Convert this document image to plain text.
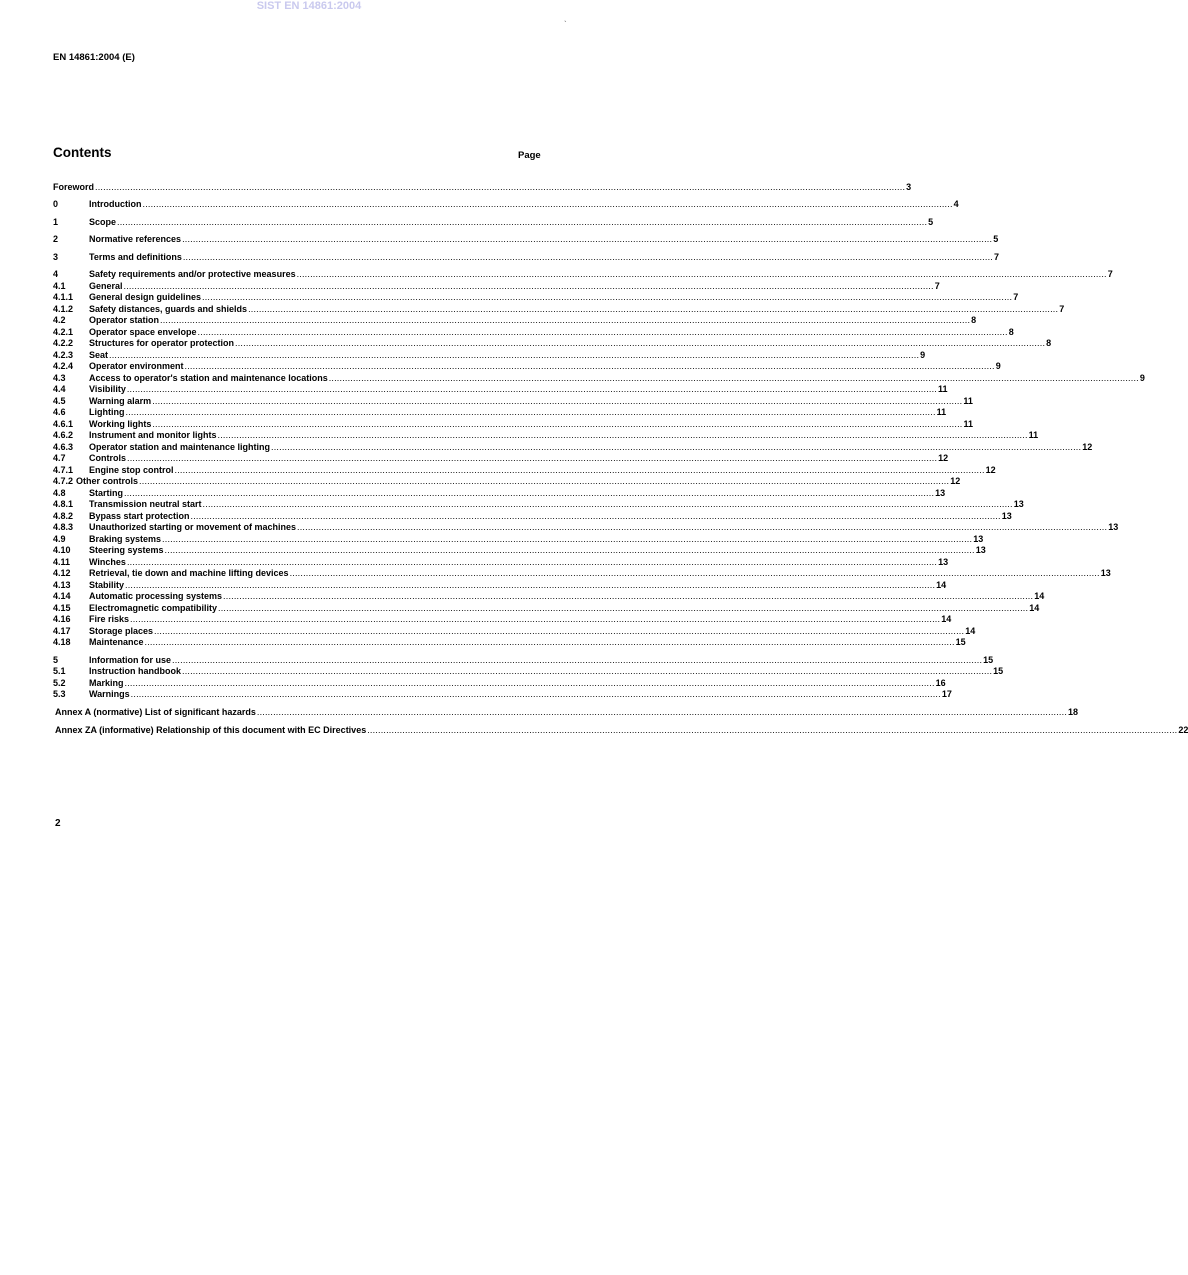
SIST EN 14861:2004
`
EN 14861:2004 (E)
Contents	Page
Foreword ............................................................................................................................................................................................................................................................................................................ 3
0	Introduction ............................................................................................................................................................................................................................................................................................................ 4
1	Scope ............................................................................................................................................................................................................................................................................................................ 5
2	Normative references ............................................................................................................................................................................................................................................................................................................ 5
3	Terms and definitions ............................................................................................................................................................................................................................................................................................................ 7
4	Safety requirements and/or protective measures ............................................................................................................................................................................................................................................................................................................ 7
4.1	General ............................................................................................................................................................................................................................................................................................................ 7
4.1.1	General design guidelines ............................................................................................................................................................................................................................................................................................................ 7
4.1.2	Safety distances, guards and shields ............................................................................................................................................................................................................................................................................................................ 7
4.2	Operator station ............................................................................................................................................................................................................................................................................................................ 8
4.2.1	Operator space envelope ............................................................................................................................................................................................................................................................................................................ 8
4.2.2	Structures for operator protection ............................................................................................................................................................................................................................................................................................................ 8
4.2.3	Seat ............................................................................................................................................................................................................................................................................................................ 9
4.2.4	Operator environment ............................................................................................................................................................................................................................................................................................................ 9
4.3	Access to operator's station and maintenance locations ............................................................................................................................................................................................................................................................................................................ 9
4.4	Visibility ............................................................................................................................................................................................................................................................................................................ 11
4.5	Warning alarm ............................................................................................................................................................................................................................................................................................................ 11
4.6	Lighting ............................................................................................................................................................................................................................................................................................................ 11
4.6.1	Working lights ............................................................................................................................................................................................................................................................................................................ 11
4.6.2	Instrument and monitor lights ............................................................................................................................................................................................................................................................................................................ 11
4.6.3	Operator station and maintenance lighting ............................................................................................................................................................................................................................................................................................................ 12
4.7	Controls ............................................................................................................................................................................................................................................................................................................ 12
4.7.1	Engine stop control ............................................................................................................................................................................................................................................................................................................ 12
4.7.2 Other controls ............................................................................................................................................................................................................................................................................................................ 12
4.8	Starting ............................................................................................................................................................................................................................................................................................................ 13
4.8.1	Transmission neutral start ............................................................................................................................................................................................................................................................................................................ 13
4.8.2	Bypass start protection ............................................................................................................................................................................................................................................................................................................ 13
4.8.3	Unauthorized starting or movement of machines ............................................................................................................................................................................................................................................................................................................ 13
4.9	Braking systems ............................................................................................................................................................................................................................................................................................................ 13
4.10	Steering systems ............................................................................................................................................................................................................................................................................................................ 13
4.11	Winches ............................................................................................................................................................................................................................................................................................................ 13
4.12	Retrieval, tie down and machine lifting devices ............................................................................................................................................................................................................................................................................................................ 13
4.13	Stability ............................................................................................................................................................................................................................................................................................................ 14
4.14	Automatic processing systems ............................................................................................................................................................................................................................................................................................................ 14
4.15	Electromagnetic compatibility ............................................................................................................................................................................................................................................................................................................ 14
4.16	Fire risks ............................................................................................................................................................................................................................................................................................................ 14
4.17	Storage places ............................................................................................................................................................................................................................................................................................................ 14
4.18	Maintenance ............................................................................................................................................................................................................................................................................................................ 15
5	Information for use ............................................................................................................................................................................................................................................................................................................ 15
5.1	Instruction handbook ............................................................................................................................................................................................................................................................................................................ 15
5.2	Marking ............................................................................................................................................................................................................................................................................................................ 16
5.3	Warnings ............................................................................................................................................................................................................................................................................................................ 17
Annex A (normative) List of significant hazards ............................................................................................................................................................................................................................................................................................................ 18
Annex ZA (informative) Relationship of this document with EC Directives ............................................................................................................................................................................................................................................................................................................ 22
2
